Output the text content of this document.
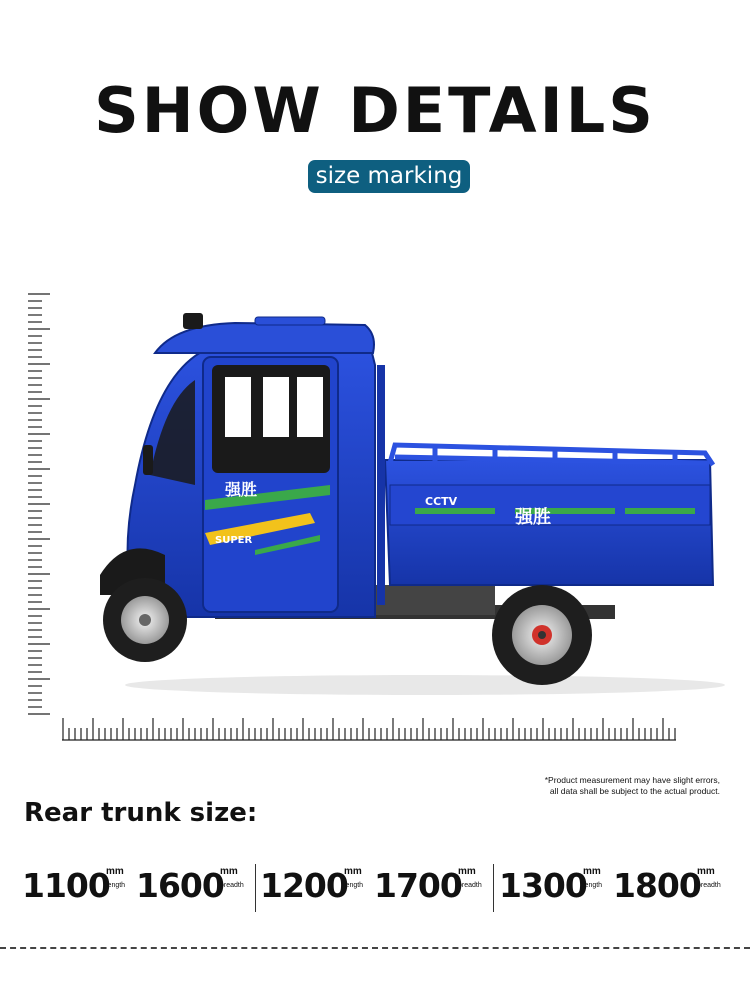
SHOW DETAILS
size marking
强胜
CCTV
强胜
SUPER
*Product measurement may have slight errors,
all data shall be subject to the actual product.
Rear trunk size:
1100
mm
length 1600
mm
breadth 1200
mm
length 1700
mm
breadth 1300
mm
length 1800
mm
breadth
